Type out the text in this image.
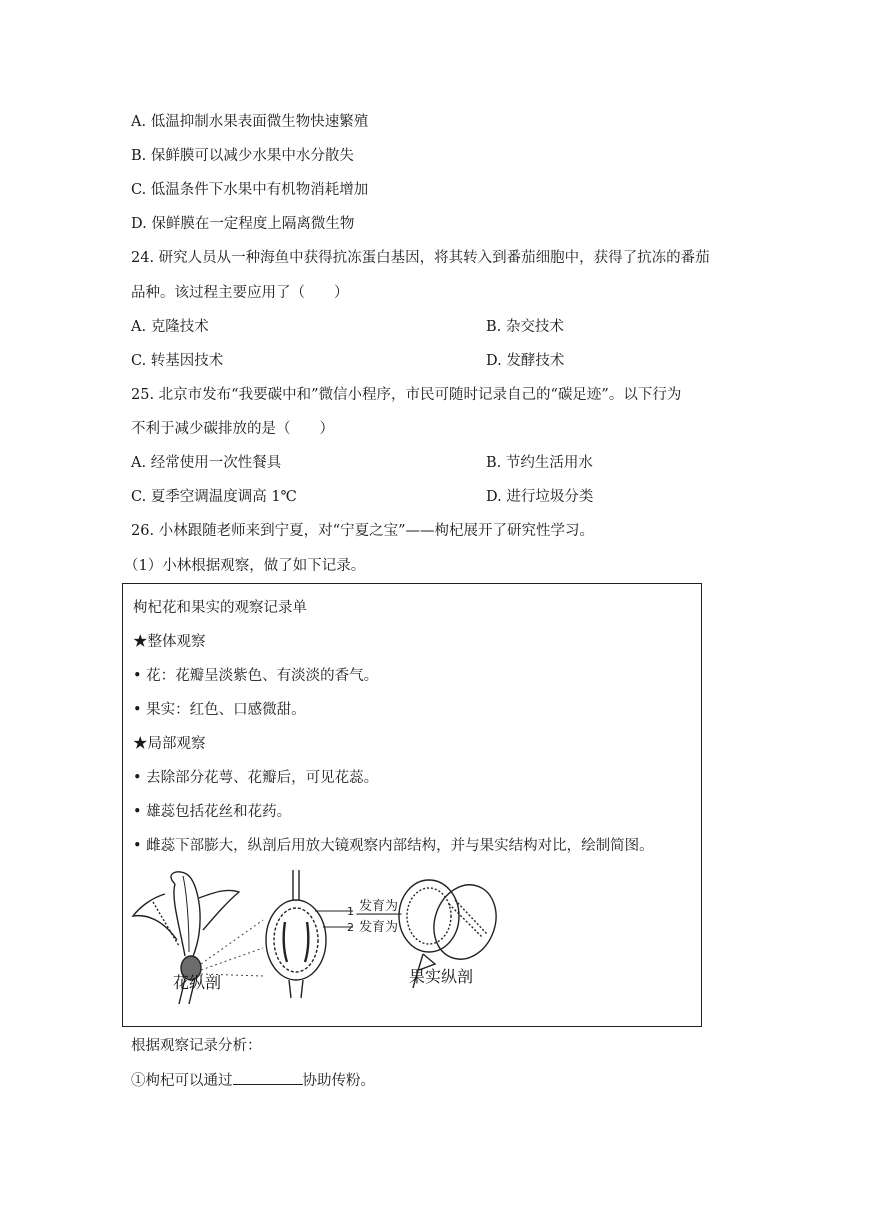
A. 低温抑制水果表面微生物快速繁殖
B. 保鲜膜可以减少水果中水分散失
C. 低温条件下水果中有机物消耗增加
D. 保鲜膜在一定程度上隔离微生物
24. 研究人员从一种海鱼中获得抗冻蛋白基因，将其转入到番茄细胞中，获得了抗冻的番茄
品种。该过程主要应用了（　　）
A. 克隆技术	B. 杂交技术
C. 转基因技术	D. 发酵技术
25. 北京市发布“我要碳中和”微信小程序，市民可随时记录自己的“碳足迹”。以下行为
不利于减少碳排放的是（　　）
A. 经常使用一次性餐具	B. 节约生活用水
C. 夏季空调温度调高 1℃	D. 进行垃圾分类
26. 小林跟随老师来到宁夏，对“宁夏之宝”——枸杞展开了研究性学习。
（1）小林根据观察，做了如下记录。
枸杞花和果实的观察记录单
★整体观察
• 花：花瓣呈淡紫色、有淡淡的香气。
• 果实：红色、口感微甜。
★局部观察
• 去除部分花萼、花瓣后，可见花蕊。
• 雄蕊包括花丝和花药。
• 雌蕊下部膨大，纵剖后用放大镜观察内部结构，并与果实结构对比，绘制简图。
1
2
发育为
发育为
花纵剖	果实纵剖
根据观察记录分析：
①枸杞可以通过	协助传粉。
